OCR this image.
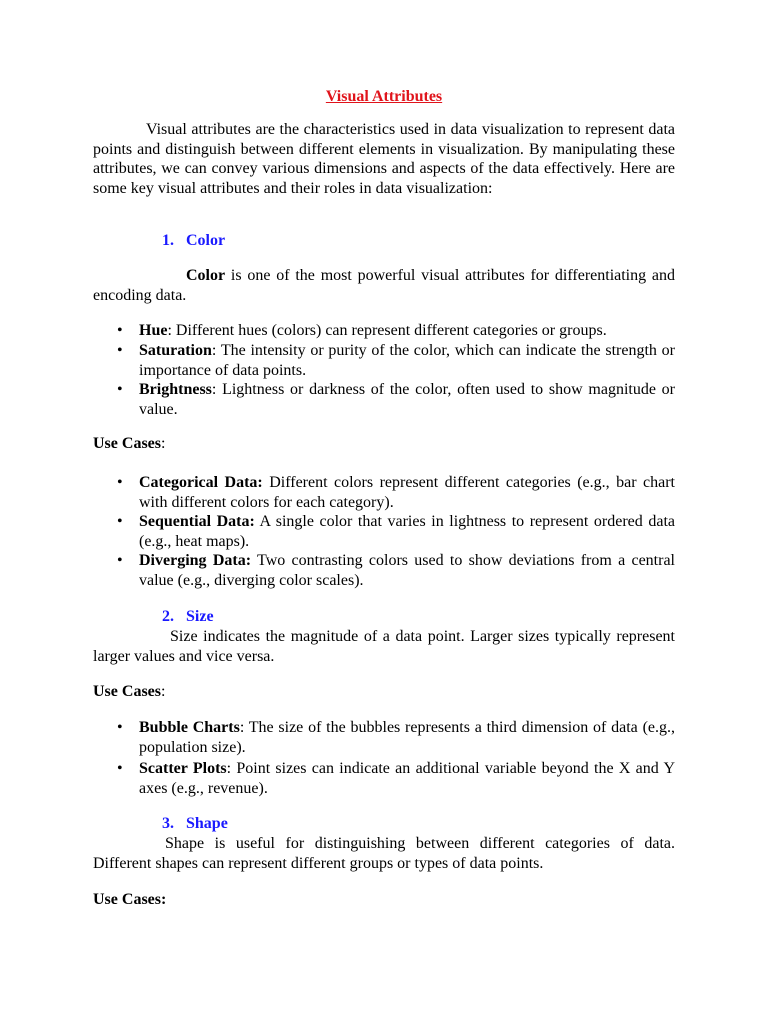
Visual Attributes

Visual attributes are the characteristics used in data visualization to represent data points and distinguish between different elements in visualization. By manipulating these attributes, we can convey various dimensions and aspects of the data effectively. Here are some key visual attributes and their roles in data visualization:

1. Color

Color is one of the most powerful visual attributes for differentiating and encoding data.

• Hue: Different hues (colors) can represent different categories or groups.

• Saturation: The intensity or purity of the color, which can indicate the strength or importance of data points.

• Brightness: Lightness or darkness of the color, often used to show magnitude or value.

Use Cases:
• Categorical Data: Different colors represent different categories (e.g., bar chart with different colors for each category).

• Sequential Data: A single color that varies in lightness to represent ordered data (e.g., heat maps).

• Diverging Data: Two contrasting colors used to show deviations from a central value (e.g., diverging color scales).

2. Size

Size indicates the magnitude of a data point. Larger sizes typically represent larger values and vice versa.

Use Cases:
• Bubble Charts: The size of the bubbles represents a third dimension of data (e.g., population size).

• Scatter Plots: Point sizes can indicate an additional variable beyond the X and Y axes (e.g., revenue).

3. Shape

Shape is useful for distinguishing between different categories of data. Different shapes can represent different groups or types of data points.

Use Cases:
